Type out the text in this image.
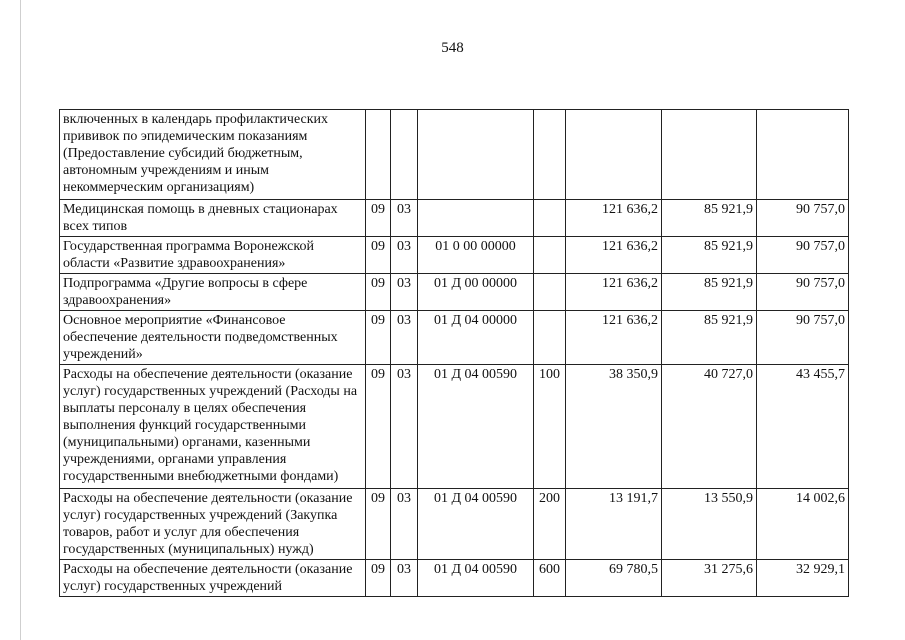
548
включенных в календарь профилактических прививок по эпидемическим показаниям (Предоставление субсидий бюджетным, автономным учреждениям и иным некоммерческим организациям)							
Медицинская помощь в дневных стационарах всех типов	09	03			121 636,2	85 921,9	90 757,0
Государственная программа Воронежской области «Развитие здравоохранения»	09	03	01 0 00 00000		121 636,2	85 921,9	90 757,0
Подпрограмма «Другие вопросы в сфере здравоохранения»	09	03	01 Д 00 00000		121 636,2	85 921,9	90 757,0
Основное мероприятие «Финансовое обеспечение деятельности подведомственных учреждений»	09	03	01 Д 04 00000		121 636,2	85 921,9	90 757,0
Расходы на обеспечение деятельности (оказание услуг) государственных учреждений (Расходы на выплаты персоналу в целях обеспечения выполнения функций государственными (муниципальными) органами, казенными учреждениями, органами управления государственными внебюджетными фондами)	09	03	01 Д 04 00590	100	38 350,9	40 727,0	43 455,7
Расходы на обеспечение деятельности (оказание услуг) государственных учреждений (Закупка товаров, работ и услуг для обеспечения государственных (муниципальных) нужд)	09	03	01 Д 04 00590	200	13 191,7	13 550,9	14 002,6
Расходы на обеспечение деятельности (оказание услуг) государственных учреждений	09	03	01 Д 04 00590	600	69 780,5	31 275,6	32 929,1
